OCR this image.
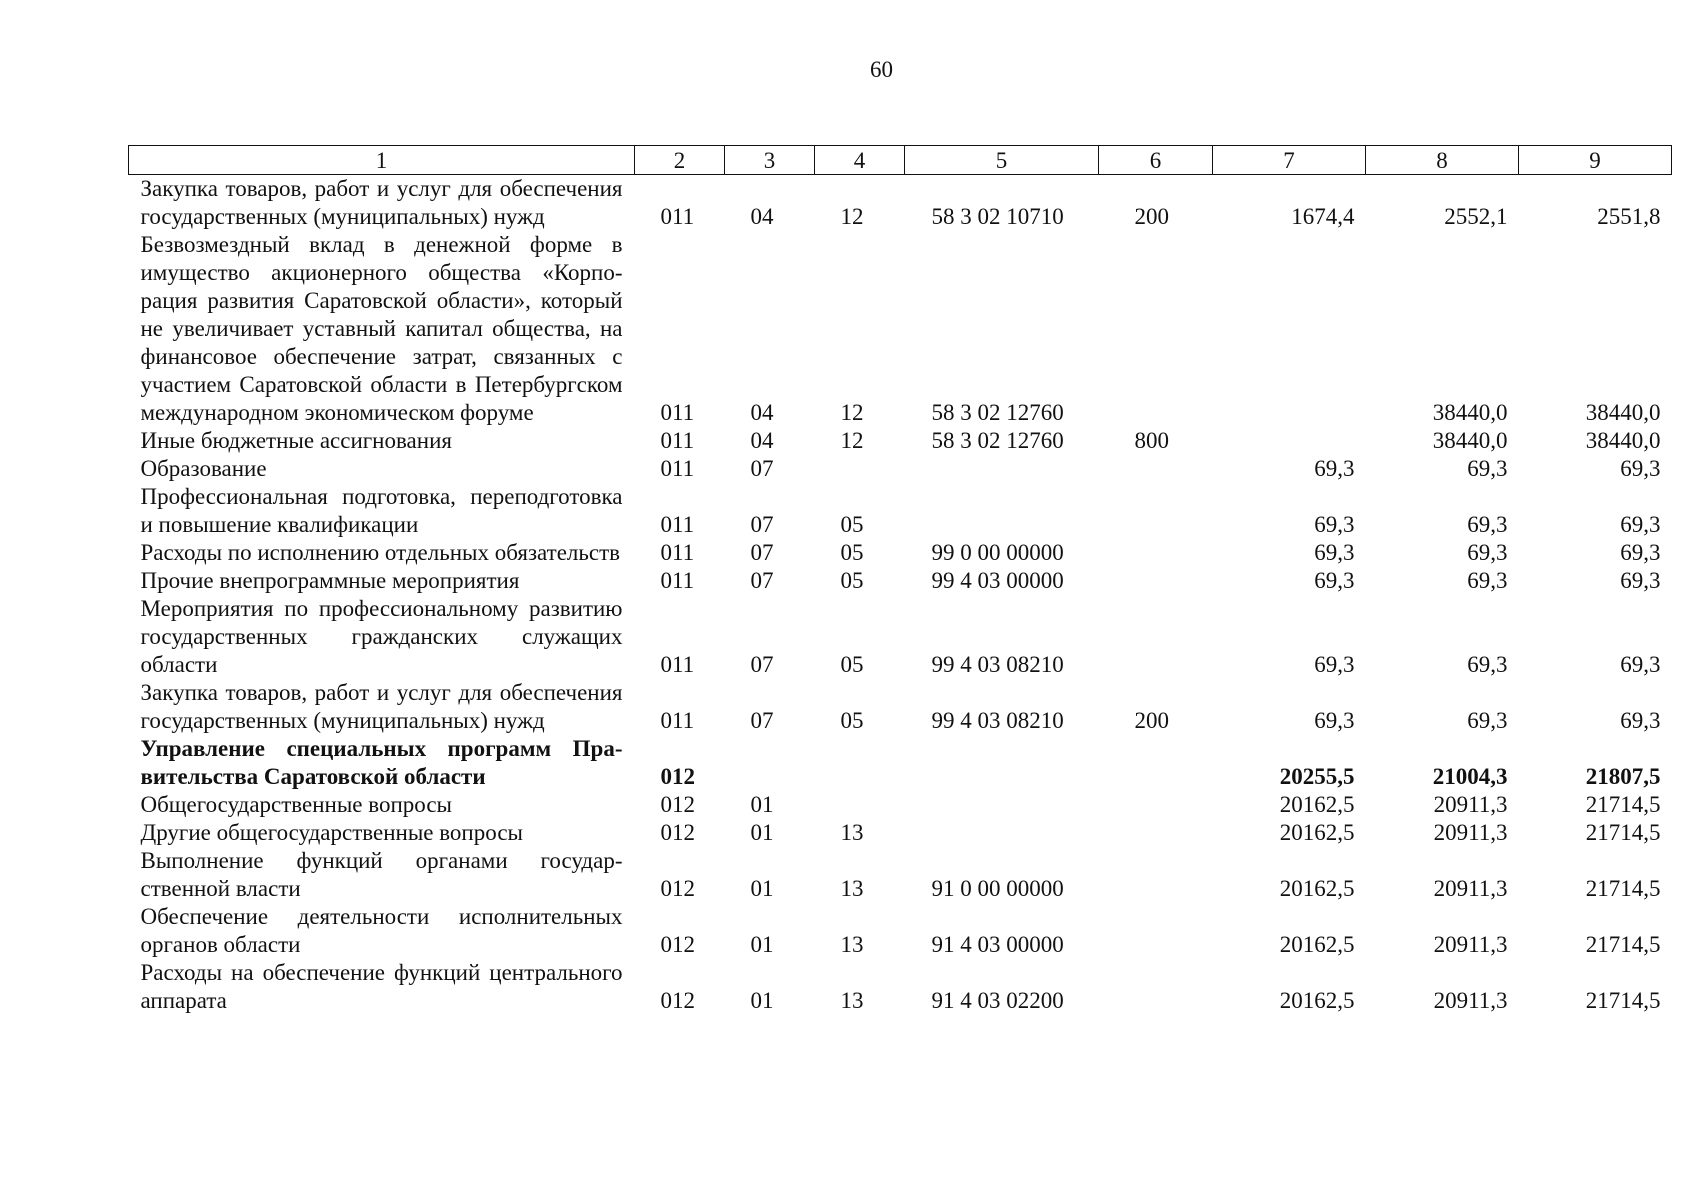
60
1	2	3	4	5	6	7	8	9
Закупка товаров, работ и услуг для обеспечения государственных (муниципальных) нужд	011	04	12	58 3 02 10710	200	1674,4	2552,1	2551,8
Безвозмездный вклад в денежной форме в имущество акционерного общества «Корпорация развития Саратовской области», который не увеличивает уставный капитал общества, на финансовое обеспечение затрат, связанных с участием Саратовской области в Петербургском международном экономическом форуме	011	04	12	58 3 02 12760			38440,0	38440,0
Иные бюджетные ассигнования	011	04	12	58 3 02 12760	800		38440,0	38440,0
Образование	011	07				69,3	69,3	69,3
Профессиональная подготовка, переподготовка и повышение квалификации	011	07	05			69,3	69,3	69,3
Расходы по исполнению отдельных обязательств	011	07	05	99 0 00 00000		69,3	69,3	69,3
Прочие внепрограммные мероприятия	011	07	05	99 4 03 00000		69,3	69,3	69,3
Мероприятия по профессиональному развитию государственных гражданских служащих области	011	07	05	99 4 03 08210		69,3	69,3	69,3
Закупка товаров, работ и услуг для обеспечения государственных (муниципальных) нужд	011	07	05	99 4 03 08210	200	69,3	69,3	69,3
Управление специальных программ Правительства Саратовской области	012					20255,5	21004,3	21807,5
Общегосударственные вопросы	012	01				20162,5	20911,3	21714,5
Другие общегосударственные вопросы	012	01	13			20162,5	20911,3	21714,5
Выполнение функций органами государственной власти	012	01	13	91 0 00 00000		20162,5	20911,3	21714,5
Обеспечение деятельности исполнительных органов области	012	01	13	91 4 03 00000		20162,5	20911,3	21714,5
Расходы на обеспечение функций центрального аппарата	012	01	13	91 4 03 02200		20162,5	20911,3	21714,5
